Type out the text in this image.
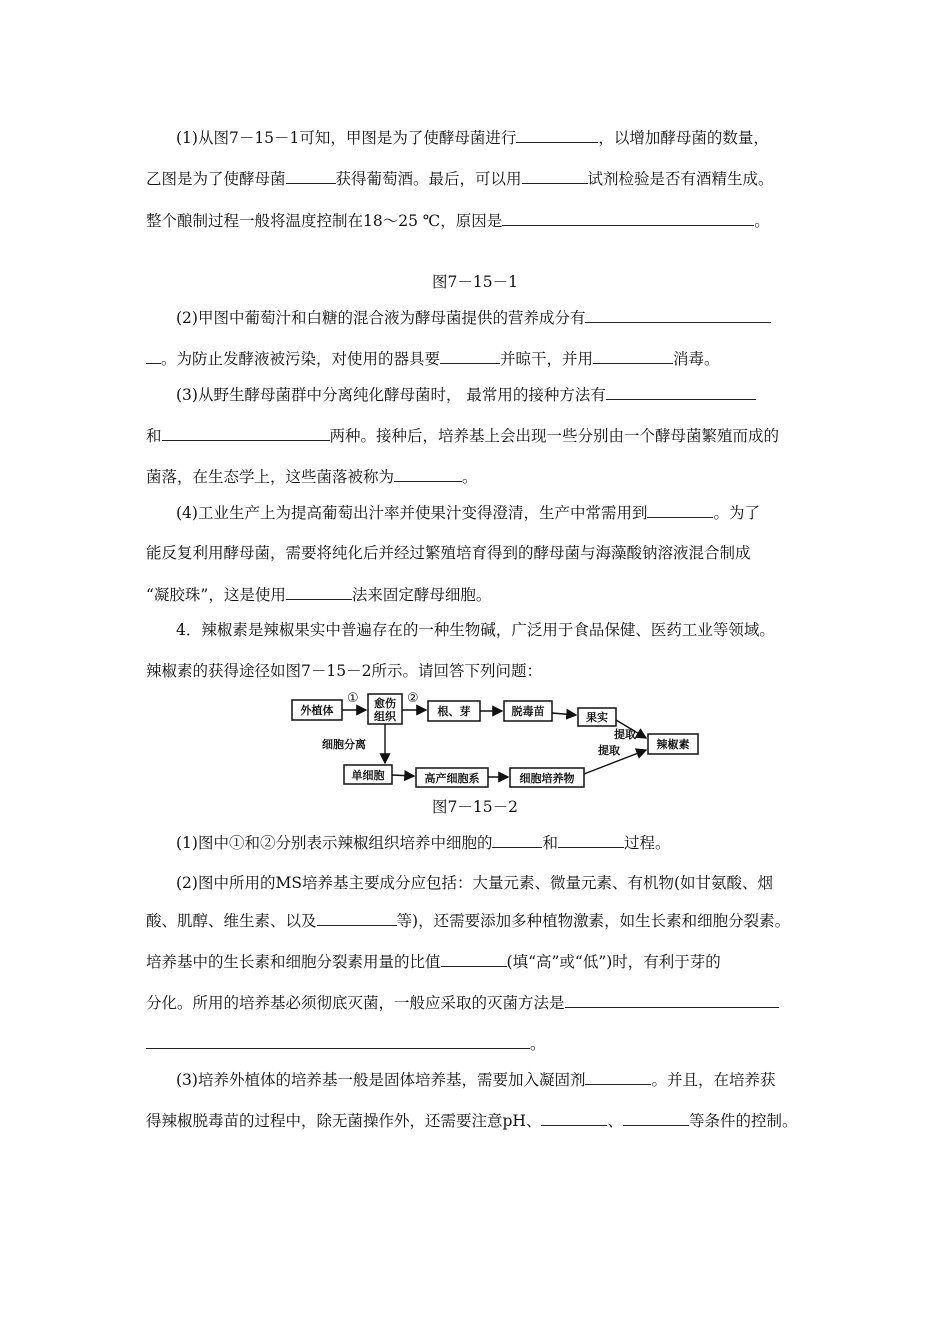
(1)从图7－15－1可知，甲图是为了使酵母菌进行	，以增加酵母菌的数量，
乙图是为了使酵母菌	获得葡萄酒。最后，可以用	试剂检验是否有酒精生成。
整个酿制过程一般将温度控制在18～25 ℃，原因是	。
图7－15－1
(2)甲图中葡萄汁和白糖的混合液为酵母菌提供的营养成分有
。为防止发酵液被污染，对使用的器具要	并晾干，并用	消毒。
(3)从野生酵母菌群中分离纯化酵母菌时， 最常用的接种方法有
和	两种。接种后，培养基上会出现一些分别由一个酵母菌繁殖而成的
菌落，在生态学上，这些菌落被称为	。
(4)工业生产上为提高葡萄出汁率并使果汁变得澄清，生产中常需用到	。为了
能反复利用酵母菌，需要将纯化后并经过繁殖培育得到的酵母菌与海藻酸钠溶液混合制成
“凝胶珠”，这是使用	法来固定酵母细胞。
4．辣椒素是辣椒果实中普遍存在的一种生物碱，广泛用于食品保健、医药工业等领域。
辣椒素的获得途径如图7－15－2所示。请回答下列问题：
外植体
愈伤
组织	根、芽	脱毒苗	果实
辣椒素
单细胞	高产细胞系	细胞培养物
①	②
细胞分离
提取
提取
图7－15－2
(1)图中①和②分别表示辣椒组织培养中细胞的	和	过程。
(2)图中所用的MS培养基主要成分应包括：大量元素、微量元素、有机物(如甘氨酸、烟
酸、肌醇、维生素、以及	等)，还需要添加多种植物激素，如生长素和细胞分裂素。
培养基中的生长素和细胞分裂素用量的比值	(填“高”或“低”)时，有利于芽的
分化。所用的培养基必须彻底灭菌，一般应采取的灭菌方法是
。
(3)培养外植体的培养基一般是固体培养基，需要加入凝固剂	。并且，在培养获
得辣椒脱毒苗的过程中，除无菌操作外，还需要注意pH、	、	等条件的控制。
